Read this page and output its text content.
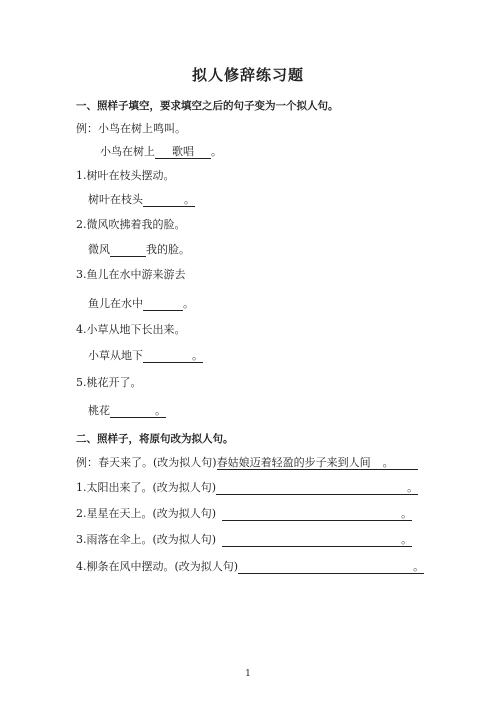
拟人修辞练习题
一、照样子填空，要求填空之后的句子变为一个拟人句。
例：小鸟在树上鸣叫。
小鸟在树上 歌唱 。
1.树叶在枝头摆动。
树叶在枝头	。
2.微风吹拂着我的脸。
微风	我的脸。
3.鱼儿在水中游来游去
鱼儿在水中	。
4.小草从地下长出来。
小草从地下	。
5.桃花开了。
桃花	。
二、照样子，将原句改为拟人句。
例：春天来了。(改为拟人句)春姑娘迈着轻盈的步子来到人间 。
1.太阳出来了。(改为拟人句)	。
2.星星在天上。(改为拟人句)	。
3.雨落在伞上。(改为拟人句)	。
4.柳条在风中摆动。(改为拟人句)	。
1
